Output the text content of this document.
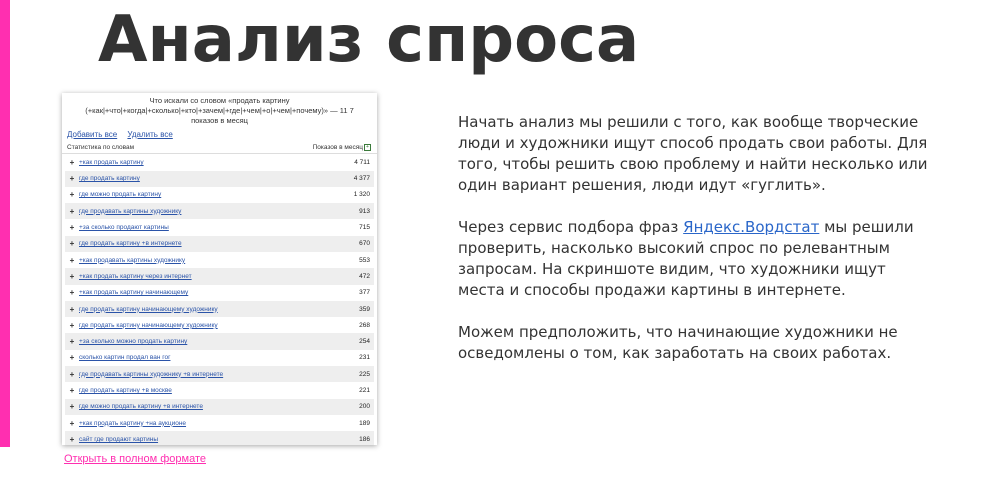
Анализ спроса
Что искали со словом «продать картину
(+как|+что|+когда|+сколько|+кто|+зачем|+где|+чем|+о|+чем|+почему)» — 11 7
показов в месяц
Добавить все Удалить все
Статистика по словам	Показов в месяц +
+ +как продать картину	4 711
+ где продать картину	4 377
+ где можно продать картину	1 320
+ где продавать картины художнику	913
+ +за сколько продают картины	715
+ где продать картину +в интернете	670
+ +как продавать картины художнику	553
+ +как продать картину через интернет	472
+ +как продать картину начинающему	377
+ где продать картину начинающему художнику	359
+ где продать картину начинающему художнику	268
+ +за сколько можно продать картину	254
+ сколько картин продал ван гог	231
+ где продавать картины художнику +в интернете	225
+ где продать картину +в москве	221
+ где можно продать картину +в интернете	200
+ +как продать картину +на аукционе	189
+ сайт где продают картины	186
Открыть в полном формате

Начать анализ мы решили с того, как вообще творческие люди и художники ищут способ продать свои работы. Для того, чтобы решить свою проблему и найти несколько или один вариант решения, люди идут «гуглить».

Через сервис подбора фраз Яндекс.Вордстат мы решили проверить, насколько высокий спрос по релевантным запросам. На скриншоте видим, что художники ищут места и способы продажи картины в интернете.

Можем предположить, что начинающие художники не осведомлены о том, как заработать на своих работах.
